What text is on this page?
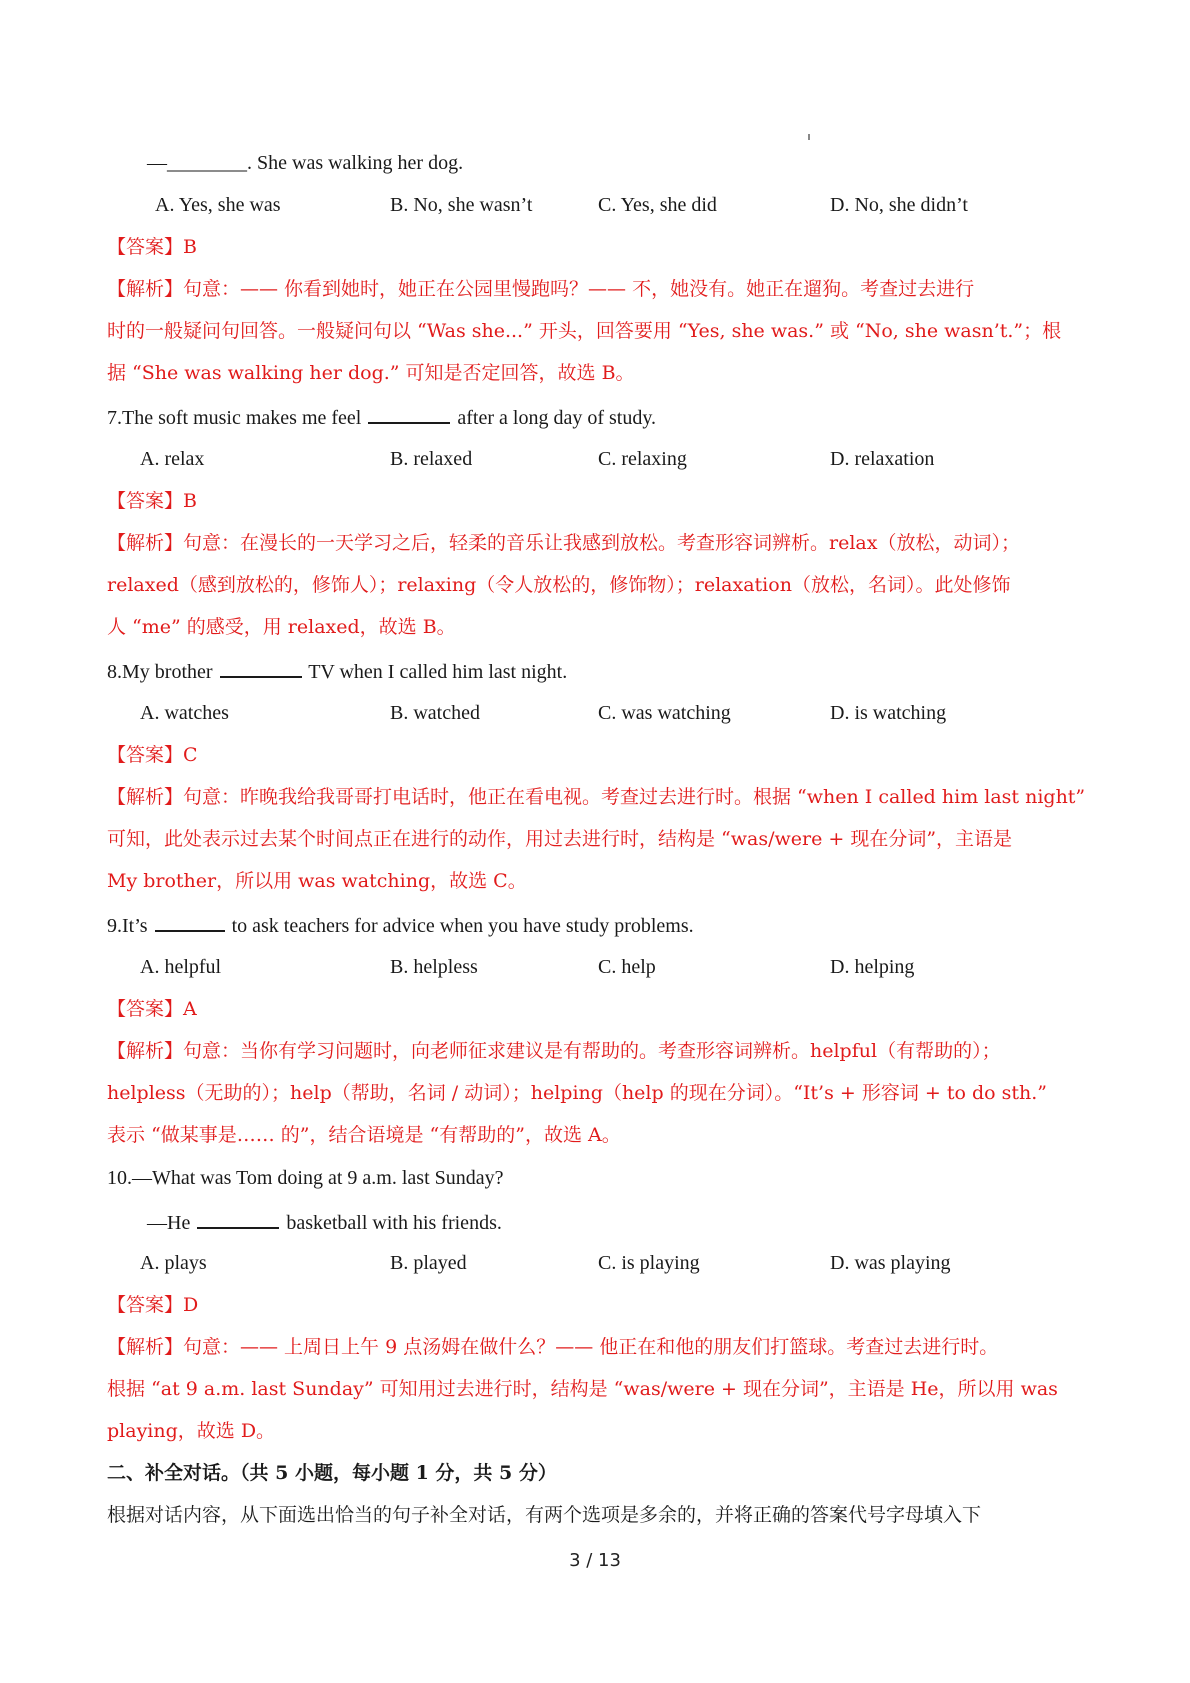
—________. She was walking her dog.
A. Yes, she was	B. No, she wasn’t	C. Yes, she did	D. No, she didn’t
【答案】B
【解析】句意：—— 你看到她时，她正在公园里慢跑吗？—— 不，她没有。她正在遛狗。考查过去进行
时的一般疑问句回答。一般疑问句以 “Was she...” 开头，回答要用 “Yes, she was.” 或 “No, she wasn’t.”；根
据 “She was walking her dog.” 可知是否定回答，故选 B。
7.The soft music makes me feel	after a long day of study.
A. relax	B. relaxed	C. relaxing	D. relaxation
【答案】B
【解析】句意：在漫长的一天学习之后，轻柔的音乐让我感到放松。考查形容词辨析。relax（放松，动词）；
relaxed（感到放松的，修饰人）；relaxing（令人放松的，修饰物）；relaxation（放松，名词）。此处修饰
人 “me” 的感受，用 relaxed，故选 B。
8.My brother	TV when I called him last night.
A. watches	B. watched	C. was watching	D. is watching
【答案】C
【解析】句意：昨晚我给我哥哥打电话时，他正在看电视。考查过去进行时。根据 “when I called him last night”
可知，此处表示过去某个时间点正在进行的动作，用过去进行时，结构是 “was/were + 现在分词”，主语是
My brother，所以用 was watching，故选 C。
9.It’s	to ask teachers for advice when you have study problems.
A. helpful	B. helpless	C. help	D. helping
【答案】A
【解析】句意：当你有学习问题时，向老师征求建议是有帮助的。考查形容词辨析。helpful（有帮助的）；
helpless（无助的）；help（帮助，名词 / 动词）；helping（help 的现在分词）。“It’s + 形容词 + to do sth.”
表示 “做某事是…… 的”，结合语境是 “有帮助的”，故选 A。
10.—What was Tom doing at 9 a.m. last Sunday?
—He	basketball with his friends.
A. plays	B. played	C. is playing	D. was playing
【答案】D
【解析】句意：—— 上周日上午 9 点汤姆在做什么？—— 他正在和他的朋友们打篮球。考查过去进行时。
根据 “at 9 a.m. last Sunday” 可知用过去进行时，结构是 “was/were + 现在分词”，主语是 He，所以用 was
playing，故选 D。
二、补全对话。（共 5 小题，每小题 1 分，共 5 分）
根据对话内容，从下面选出恰当的句子补全对话，有两个选项是多余的，并将正确的答案代号字母填入下
3 / 13
